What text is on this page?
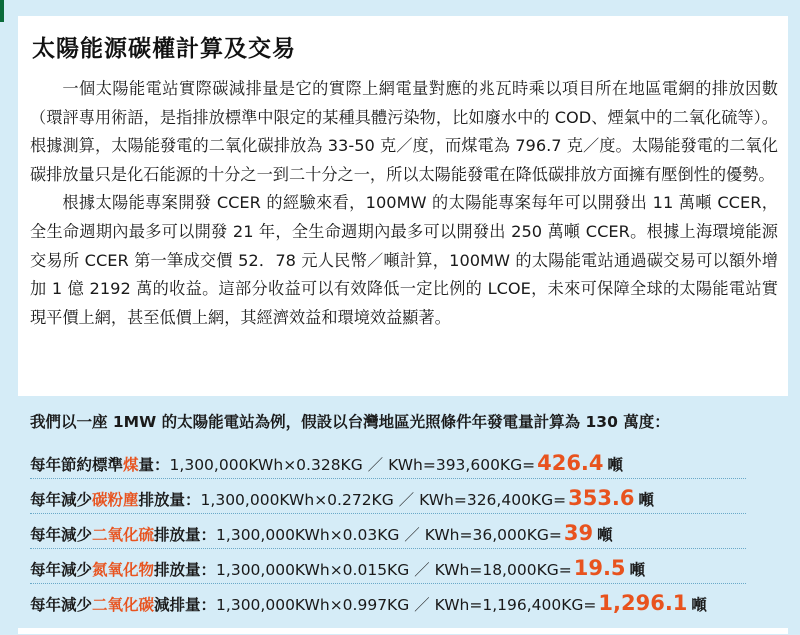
太陽能源碳權計算及交易

一個太陽能電站實際碳減排量是它的實際上網電量對應的兆瓦時乘以項目所在地區電網的排放因數（環評專用術語，是指排放標準中限定的某種具體污染物，比如廢水中的 COD、煙氣中的二氧化硫等）。根據測算，太陽能發電的二氧化碳排放為 33-50 克／度，而煤電為 796.7 克／度。太陽能發電的二氧化碳排放量只是化石能源的十分之一到二十分之一，所以太陽能發電在降低碳排放方面擁有壓倒性的優勢。

根據太陽能專案開發 CCER 的經驗來看，100MW 的太陽能專案每年可以開發出 11 萬噸 CCER，全生命週期內最多可以開發 21 年，全生命週期內最多可以開發出 250 萬噸 CCER。根據上海環境能源交易所 CCER 第一筆成交價 52．78 元人民幣／噸計算，100MW 的太陽能電站通過碳交易可以額外增加 1 億 2192 萬的收益。這部分收益可以有效降低一定比例的 LCOE，未來可保障全球的太陽能電站實現平價上網，甚至低價上網，其經濟效益和環境效益顯著。

我們以一座 1MW 的太陽能電站為例，假設以台灣地區光照條件年發電量計算為 130 萬度：
每年節約標準 煤 量： 1,300,000KWh×0.328KG ／ KWh=393,600KG= 426.4 噸
每年減少 碳粉塵 排放量： 1,300,000KWh×0.272KG ／ KWh=326,400KG= 353.6 噸
每年減少 二氧化硫 排放量： 1,300,000KWh×0.03KG ／ KWh=36,000KG= 39 噸
每年減少 氮氧化物 排放量： 1,300,000KWh×0.015KG ／ KWh=18,000KG= 19.5 噸
每年減少 二氧化碳 減排量： 1,300,000KWh×0.997KG ／ KWh=1,196,400KG= 1,296.1 噸
